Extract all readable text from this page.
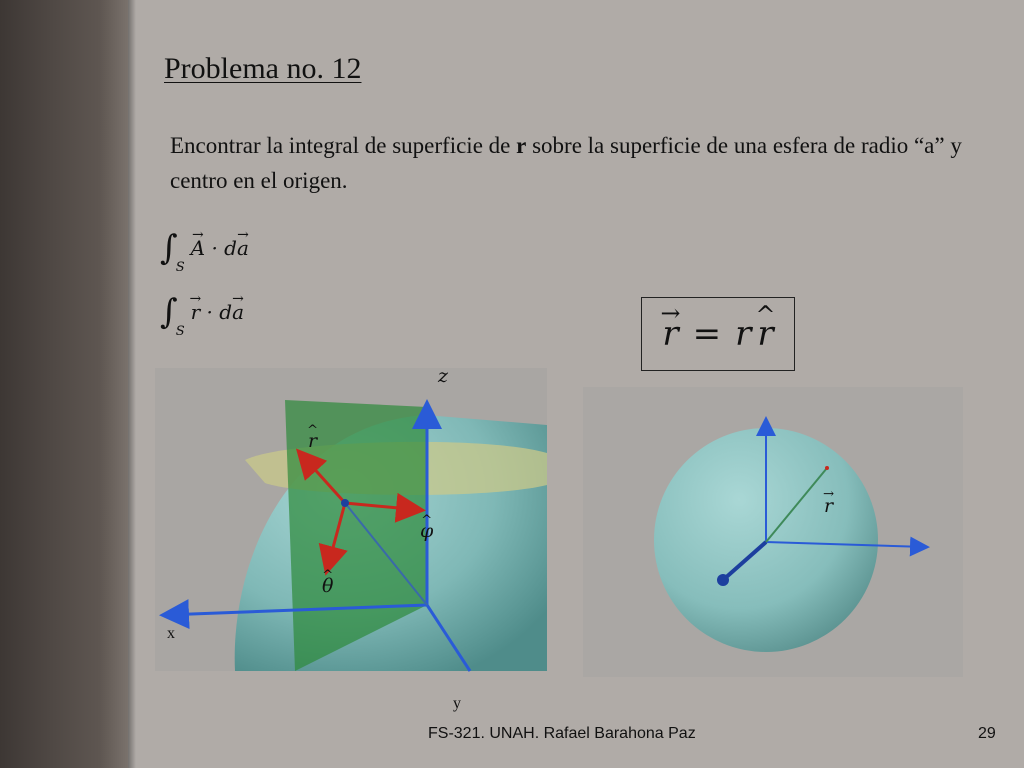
Problema no. 12
Encontrar la integral de superficie de r sobre la superficie de una esfera de radio “a” y centro en el origen.
$\int_S\to A \cdot d\to a$
$\int_S\to r \cdot d\to a$
→ r = r
^ r
z
x
y
^ r
^ φ
^ θ
→ r
FS-321. UNAH. Rafael Barahona Paz	29
